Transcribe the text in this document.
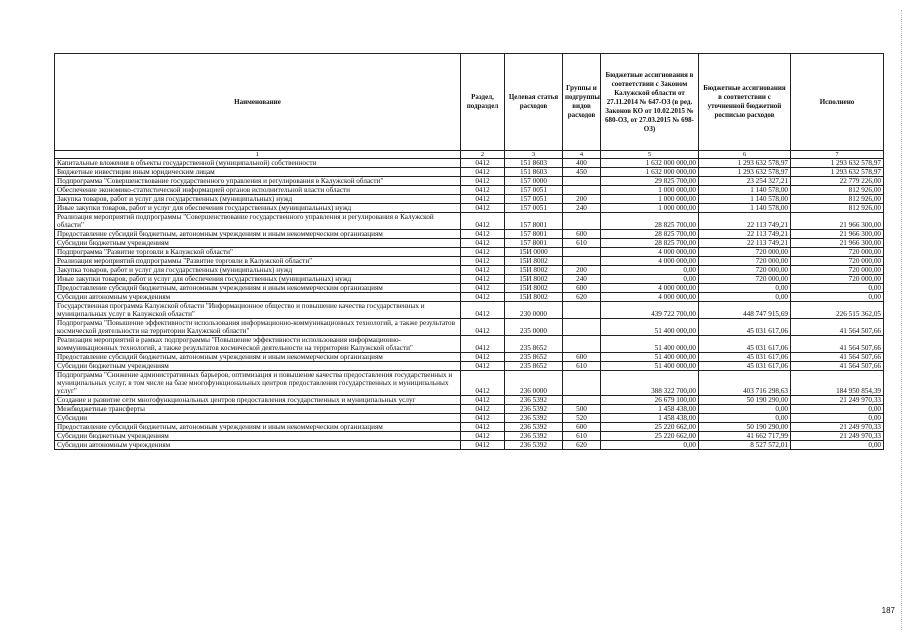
Наименование	Раздел, подраздел	Целевая статья расходов	Группы и подгруппы видов расходов	Бюджетные ассигнования в соответствии с Законом Калужской области от 27.11.2014 № 647-ОЗ (в ред. Законов КО от 10.02.2015 № 680-ОЗ, от 27.03.2015 № 698-ОЗ)	Бюджетные ассигнования в соответствии с уточненной бюджетной росписью расходов	Исполнено
1	2	3	4	5	6	7
Капитальные вложения в объекты государственной (муниципальной) собственности	0412	151 8603	400	1 632 000 000,00	1 293 632 578,97	1 293 632 578,97
Бюджетные инвестиции иным юридическим лицам	0412	151 8603	450	1 632 000 000,00	1 293 632 578,97	1 293 632 578,97
Подпрограмма "Совершенствование государственного управления и регулирования в Калужской области"	0412	157 0000		29 825 700,00	23 254 327,21	22 779 226,00
Обеспечение экономико-статистической информацией органов исполнительной власти области	0412	157 0051		1 000 000,00	1 140 578,00	812 926,00
Закупка товаров, работ и услуг для государственных (муниципальных) нужд	0412	157 0051	200	1 000 000,00	1 140 578,00	812 926,00
Иные закупки товаров, работ и услуг для обеспечения государственных (муниципальных) нужд	0412	157 0051	240	1 000 000,00	1 140 578,00	812 926,00
Реализация мероприятий подпрограммы "Совершенствование государственного управления и регулирования в Калужской области"	0412	157 8001		28 825 700,00	22 113 749,21	21 966 300,00
Предоставление субсидий бюджетным, автономным учреждениям и иным некоммерческим организациям	0412	157 8001	600	28 825 700,00	22 113 749,21	21 966 300,00
Субсидии бюджетным учреждениям	0412	157 8001	610	28 825 700,00	22 113 749,21	21 966 300,00
Подпрограмма "Развитие торговли в Калужской области"	0412	15И 0000		4 000 000,00	720 000,00	720 000,00
Реализация мероприятий подпрограммы "Развитие торговли в Калужской области"	0412	15И 8002		4 000 000,00	720 000,00	720 000,00
Закупка товаров, работ и услуг для государственных (муниципальных) нужд	0412	15И 8002	200	0,00	720 000,00	720 000,00
Иные закупки товаров, работ и услуг для обеспечения государственных (муниципальных) нужд	0412	15И 8002	240	0,00	720 000,00	720 000,00
Предоставление субсидий бюджетным, автономным учреждениям и иным некоммерческим организациям	0412	15И 8002	600	4 000 000,00	0,00	0,00
Субсидии автономным учреждениям	0412	15И 8002	620	4 000 000,00	0,00	0,00
Государственная программа Калужской области "Информационное общество и повышение качества государственных и муниципальных услуг в Калужской области"	0412	230 0000		439 722 700,00	448 747 915,69	226 515 362,05
Подпрограмма "Повышение эффективности использования информационно-коммуникационных технологий, а также результатов космической деятельности на территории Калужской области"	0412	235 0000		51 400 000,00	45 031 617,06	41 564 507,66
Реализация мероприятий в рамках подпрограммы "Повышение эффективности использования информационно-коммуникационных технологий, а также результатов космической деятельности на территории Калужской области"	0412	235 8652		51 400 000,00	45 031 617,06	41 564 507,66
Предоставление субсидий бюджетным, автономным учреждениям и иным некоммерческим организациям	0412	235 8652	600	51 400 000,00	45 031 617,06	41 564 507,66
Субсидии бюджетным учреждениям	0412	235 8652	610	51 400 000,00	45 031 617,06	41 564 507,66
Подпрограмма "Снижение административных барьеров, оптимизация и повышение качества предоставления государственных и муниципальных услуг, в том числе на базе многофункциональных центров предоставления государственных и муниципальных услуг"	0412	236 0000		388 322 700,00	403 716 298,63	184 950 854,39
Создание и развитие сети многофункциональных центров предоставления государственных и муниципальных услуг	0412	236 5392		26 679 100,00	50 190 290,00	21 249 970,33
Межбюджетные трансферты	0412	236 5392	500	1 458 438,00	0,00	0,00
Субсидии	0412	236 5392	520	1 458 438,00	0,00	0,00
Предоставление субсидий бюджетным, автономным учреждениям и иным некоммерческим организациям	0412	236 5392	600	25 220 662,00	50 190 290,00	21 249 970,33
Субсидии бюджетным учреждениям	0412	236 5392	610	25 220 662,00	41 662 717,99	21 249 970,33
Субсидии автономным учреждениям	0412	236 5392	620	0,00	8 527 572,01	0,00
187
